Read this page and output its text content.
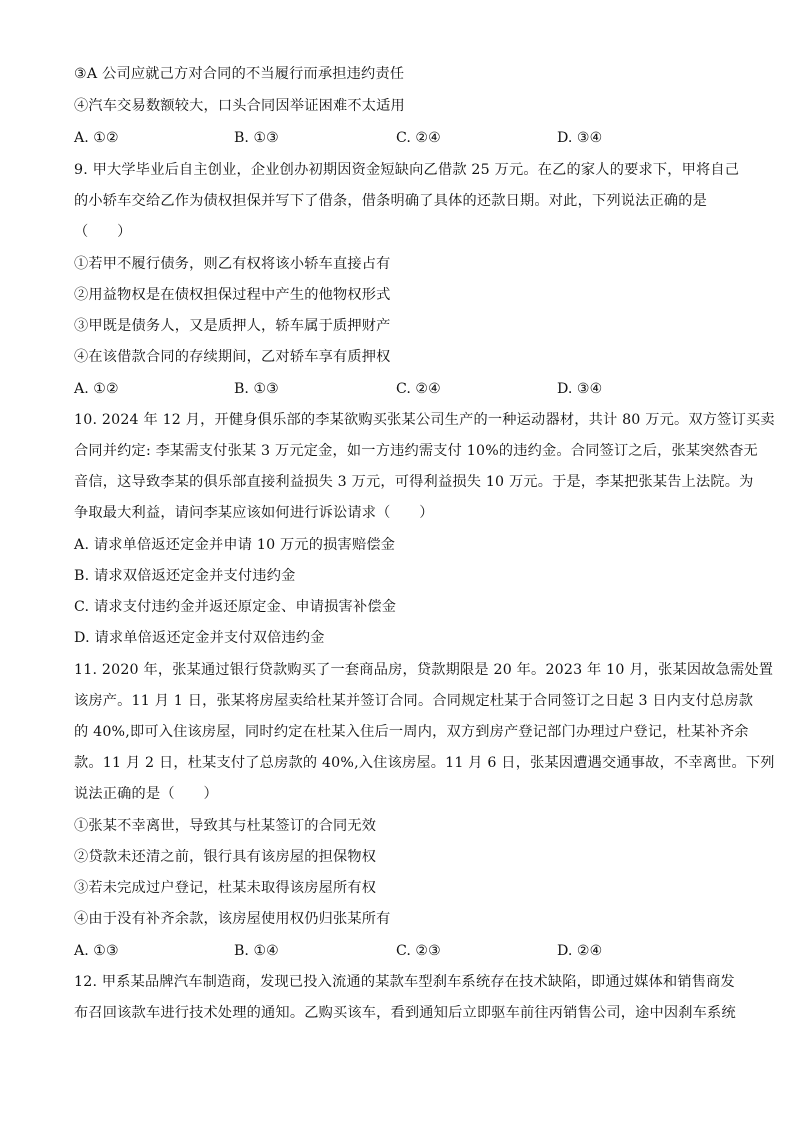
③A 公司应就己方对合同的不当履行而承担违约责任
④汽车交易数额较大，口头合同因举证困难不太适用
A. ①②	B. ①③	C. ②④	D. ③④
9. 甲大学毕业后自主创业，企业创办初期因资金短缺向乙借款 25 万元。在乙的家人的要求下，甲将自己
的小轿车交给乙作为债权担保并写下了借条，借条明确了具体的还款日期。对此，下列说法正确的是
（　　）
①若甲不履行债务，则乙有权将该小轿车直接占有
②用益物权是在债权担保过程中产生的他物权形式
③甲既是债务人，又是质押人，轿车属于质押财产
④在该借款合同的存续期间，乙对轿车享有质押权
A. ①②	B. ①③	C. ②④	D. ③④
10. 2024 年 12 月，开健身俱乐部的李某欲购买张某公司生产的一种运动器材，共计 80 万元。双方签订买卖
合同并约定: 李某需支付张某 3 万元定金，如一方违约需支付 10%的违约金。合同签订之后，张某突然杳无
音信，这导致李某的俱乐部直接利益损失 3 万元，可得利益损失 10 万元。于是，李某把张某告上法院。为
争取最大利益，请问李某应该如何进行诉讼请求（　　）
A. 请求单倍返还定金并申请 10 万元的损害赔偿金
B. 请求双倍返还定金并支付违约金
C. 请求支付违约金并返还原定金、申请损害补偿金
D. 请求单倍返还定金并支付双倍违约金
11. 2020 年，张某通过银行贷款购买了一套商品房，贷款期限是 20 年。2023 年 10 月，张某因故急需处置
该房产。11 月 1 日，张某将房屋卖给杜某并签订合同。合同规定杜某于合同签订之日起 3 日内支付总房款
的 40%,即可入住该房屋，同时约定在杜某入住后一周内，双方到房产登记部门办理过户登记，杜某补齐余
款。11 月 2 日，杜某支付了总房款的 40%,入住该房屋。11 月 6 日，张某因遭遇交通事故，不幸离世。下列
说法正确的是（　　）
①张某不幸离世，导致其与杜某签订的合同无效
②贷款未还清之前，银行具有该房屋的担保物权
③若未完成过户登记，杜某未取得该房屋所有权
④由于没有补齐余款，该房屋使用权仍归张某所有
A. ①③	B. ①④	C. ②③	D. ②④
12. 甲系某品牌汽车制造商，发现已投入流通的某款车型刹车系统存在技术缺陷，即通过媒体和销售商发
布召回该款车进行技术处理的通知。乙购买该车，看到通知后立即驱车前往丙销售公司，途中因刹车系统
